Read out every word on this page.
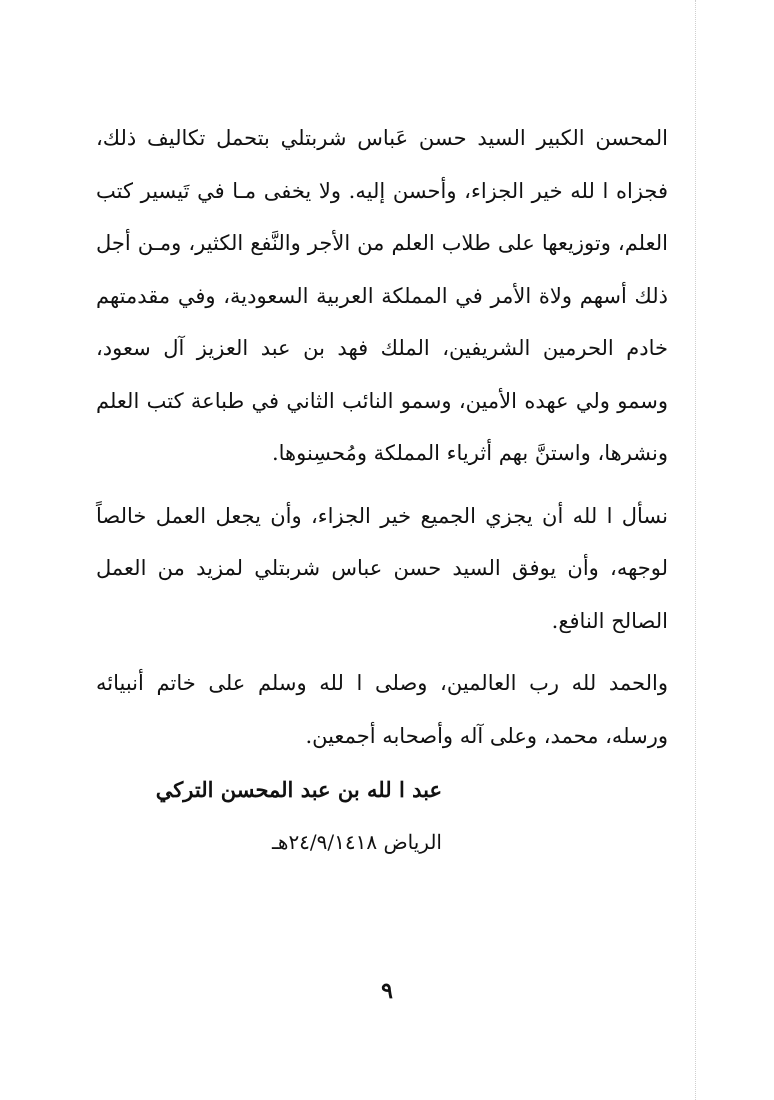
المحسن الكبير السيد حسن عَباس شربتلي بتحمل تكاليف ذلك، فجزاه ا لله خير الجزاء، وأحسن إليه. ولا يخفى مـا في تَيسير كتب العلم، وتوزيعها على طلاب العلم من الأجر والنَّفع الكثير، ومـن أجل ذلك أسهم ولاة الأمر في المملكة العربية السعودية، وفي مقدمتهم خادم الحرمين الشريفين، الملك فهد بن عبد العزيز آل سعود، وسمو ولي عهده الأمين، وسمو النائب الثاني في طباعة كتب العلم ونشرها، واستنَّ بهم أثرياء المملكة ومُحسِنوها.

نسأل ا لله أن يجزي الجميع خير الجزاء، وأن يجعل العمل خالصاً لوجهه، وأن يوفق السيد حسن عباس شربتلي لمزيد من العمل الصالح النافع.

والحمد لله رب العالمين، وصلى ا لله وسلم على خاتم أنبيائه ورسله، محمد، وعلى آله وأصحابه أجمعين.

عبد ا لله بن عبد المحسن التركي

الرياض ٢٤/٩/١٤١٨هـ

٩
